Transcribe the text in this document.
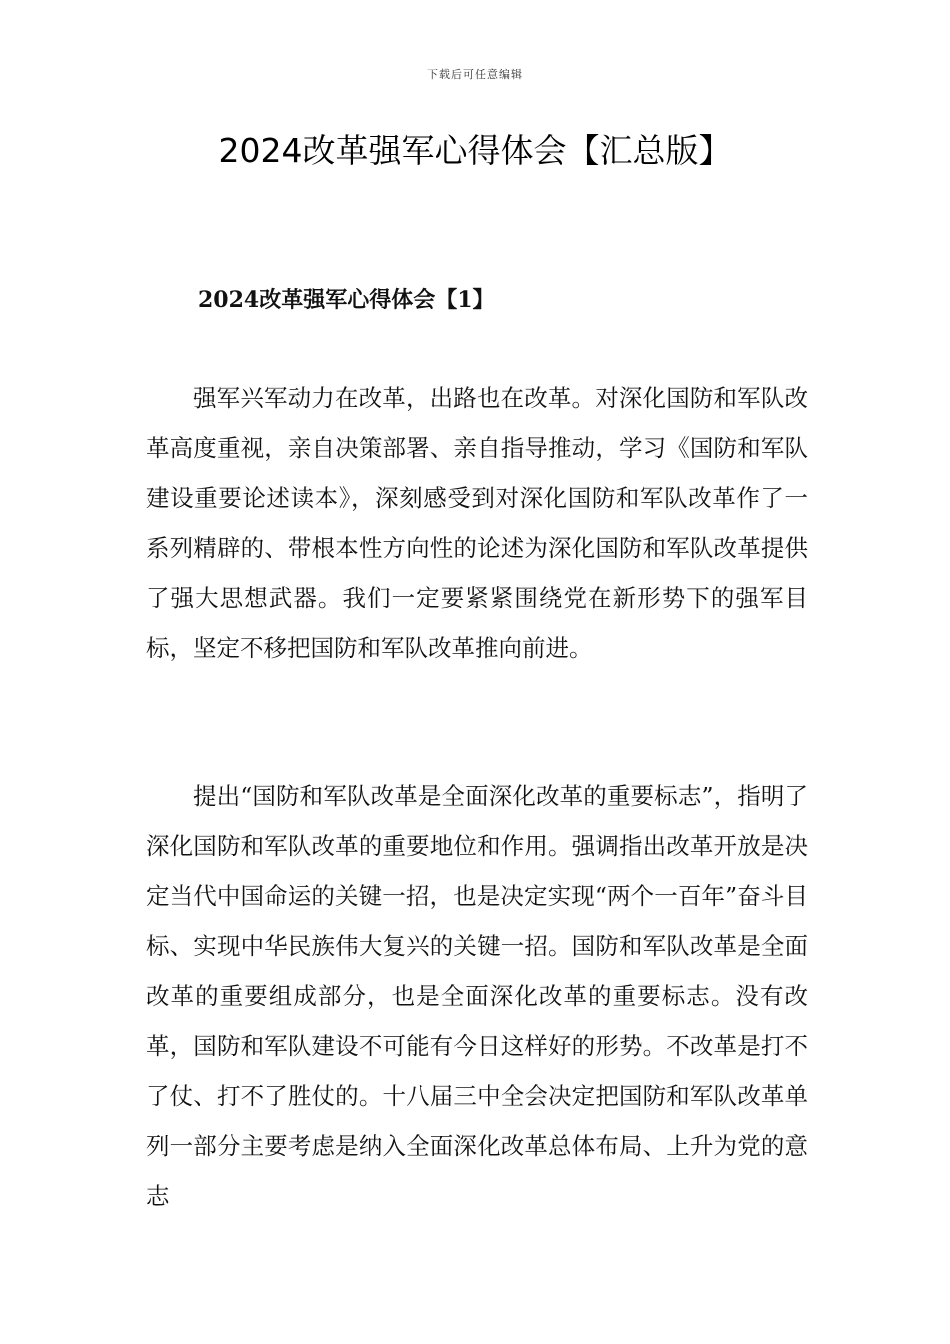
下载后可任意编辑
2024改革强军心得体会【汇总版】
2024改革强军心得体会【1】

强军兴军动力在改革，出路也在改革。对深化国防和军队改革高度重视，亲自决策部署、亲自指导推动，学习《国防和军队建设重要论述读本》，深刻感受到对深化国防和军队改革作了一系列精辟的、带根本性方向性的论述为深化国防和军队改革提供了强大思想武器。我们一定要紧紧围绕党在新形势下的强军目标，坚定不移把国防和军队改革推向前进。

提出“国防和军队改革是全面深化改革的重要标志”，指明了深化国防和军队改革的重要地位和作用。强调指出改革开放是决定当代中国命运的关键一招，也是决定实现“两个一百年”奋斗目标、实现中华民族伟大复兴的关键一招。国防和军队改革是全面改革的重要组成部分，也是全面深化改革的重要标志。没有改革，国防和军队建设不可能有今日这样好的形势。不改革是打不了仗、打不了胜仗的。十八届三中全会决定把国防和军队改革单列一部分主要考虑是纳入全面深化改革总体布局、上升为党的意志
